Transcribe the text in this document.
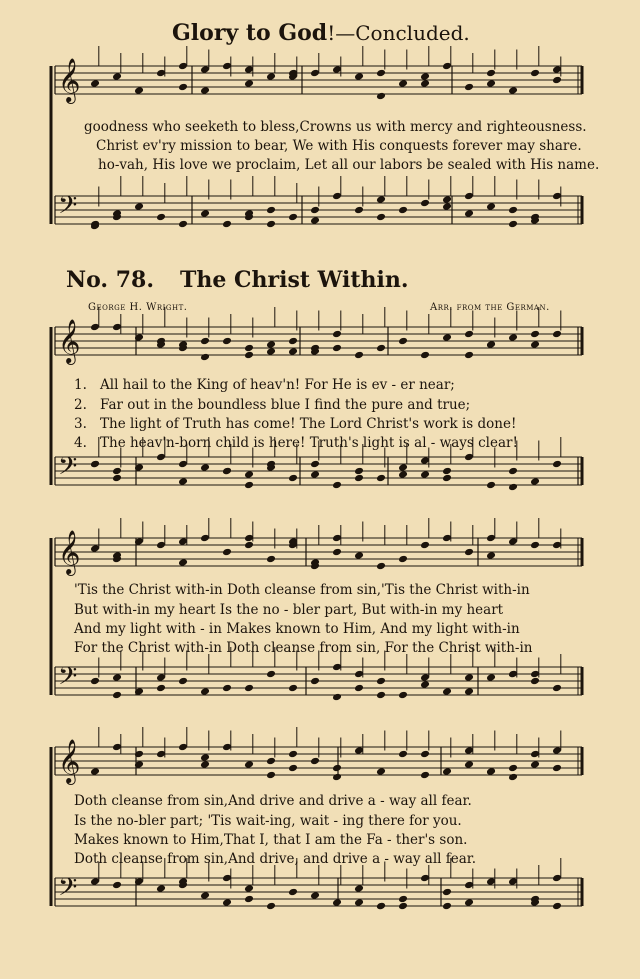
𝄞
𝄢
𝄞
𝄢
𝄞
𝄢
𝄞
𝄢
Glory to God!—Concluded.
goodness who seeketh to bless,Crowns us with mercy and righteousness.
Christ ev'ry mission to bear, We with His conquests forever may share.
ho-vah, His love we proclaim, Let all our labors be sealed with His name.
No. 78. The Christ Within.
George H. Wright.	Arr. from the German.
1. All hail to the King of heav'n! For He is ev - er near;
2. Far out in the boundless blue I find the pure and true;
3. The light of Truth has come! The Lord Christ's work is done!
4. The heav'n-born child is here! Truth's light is al - ways clear!
'Tis the Christ with-in Doth cleanse from sin,'Tis the Christ with-in
But with-in my heart Is the no - bler part, But with-in my heart
And my light with - in Makes known to Him, And my light with-in
For the Christ with-in Doth cleanse from sin, For the Christ with-in
Doth cleanse from sin,And drive and drive a - way all fear.
Is the no-bler part; 'Tis wait-ing, wait - ing there for you.
Makes known to Him,That I, that I am the Fa - ther's son.
Doth cleanse from sin,And drive, and drive a - way all fear.
